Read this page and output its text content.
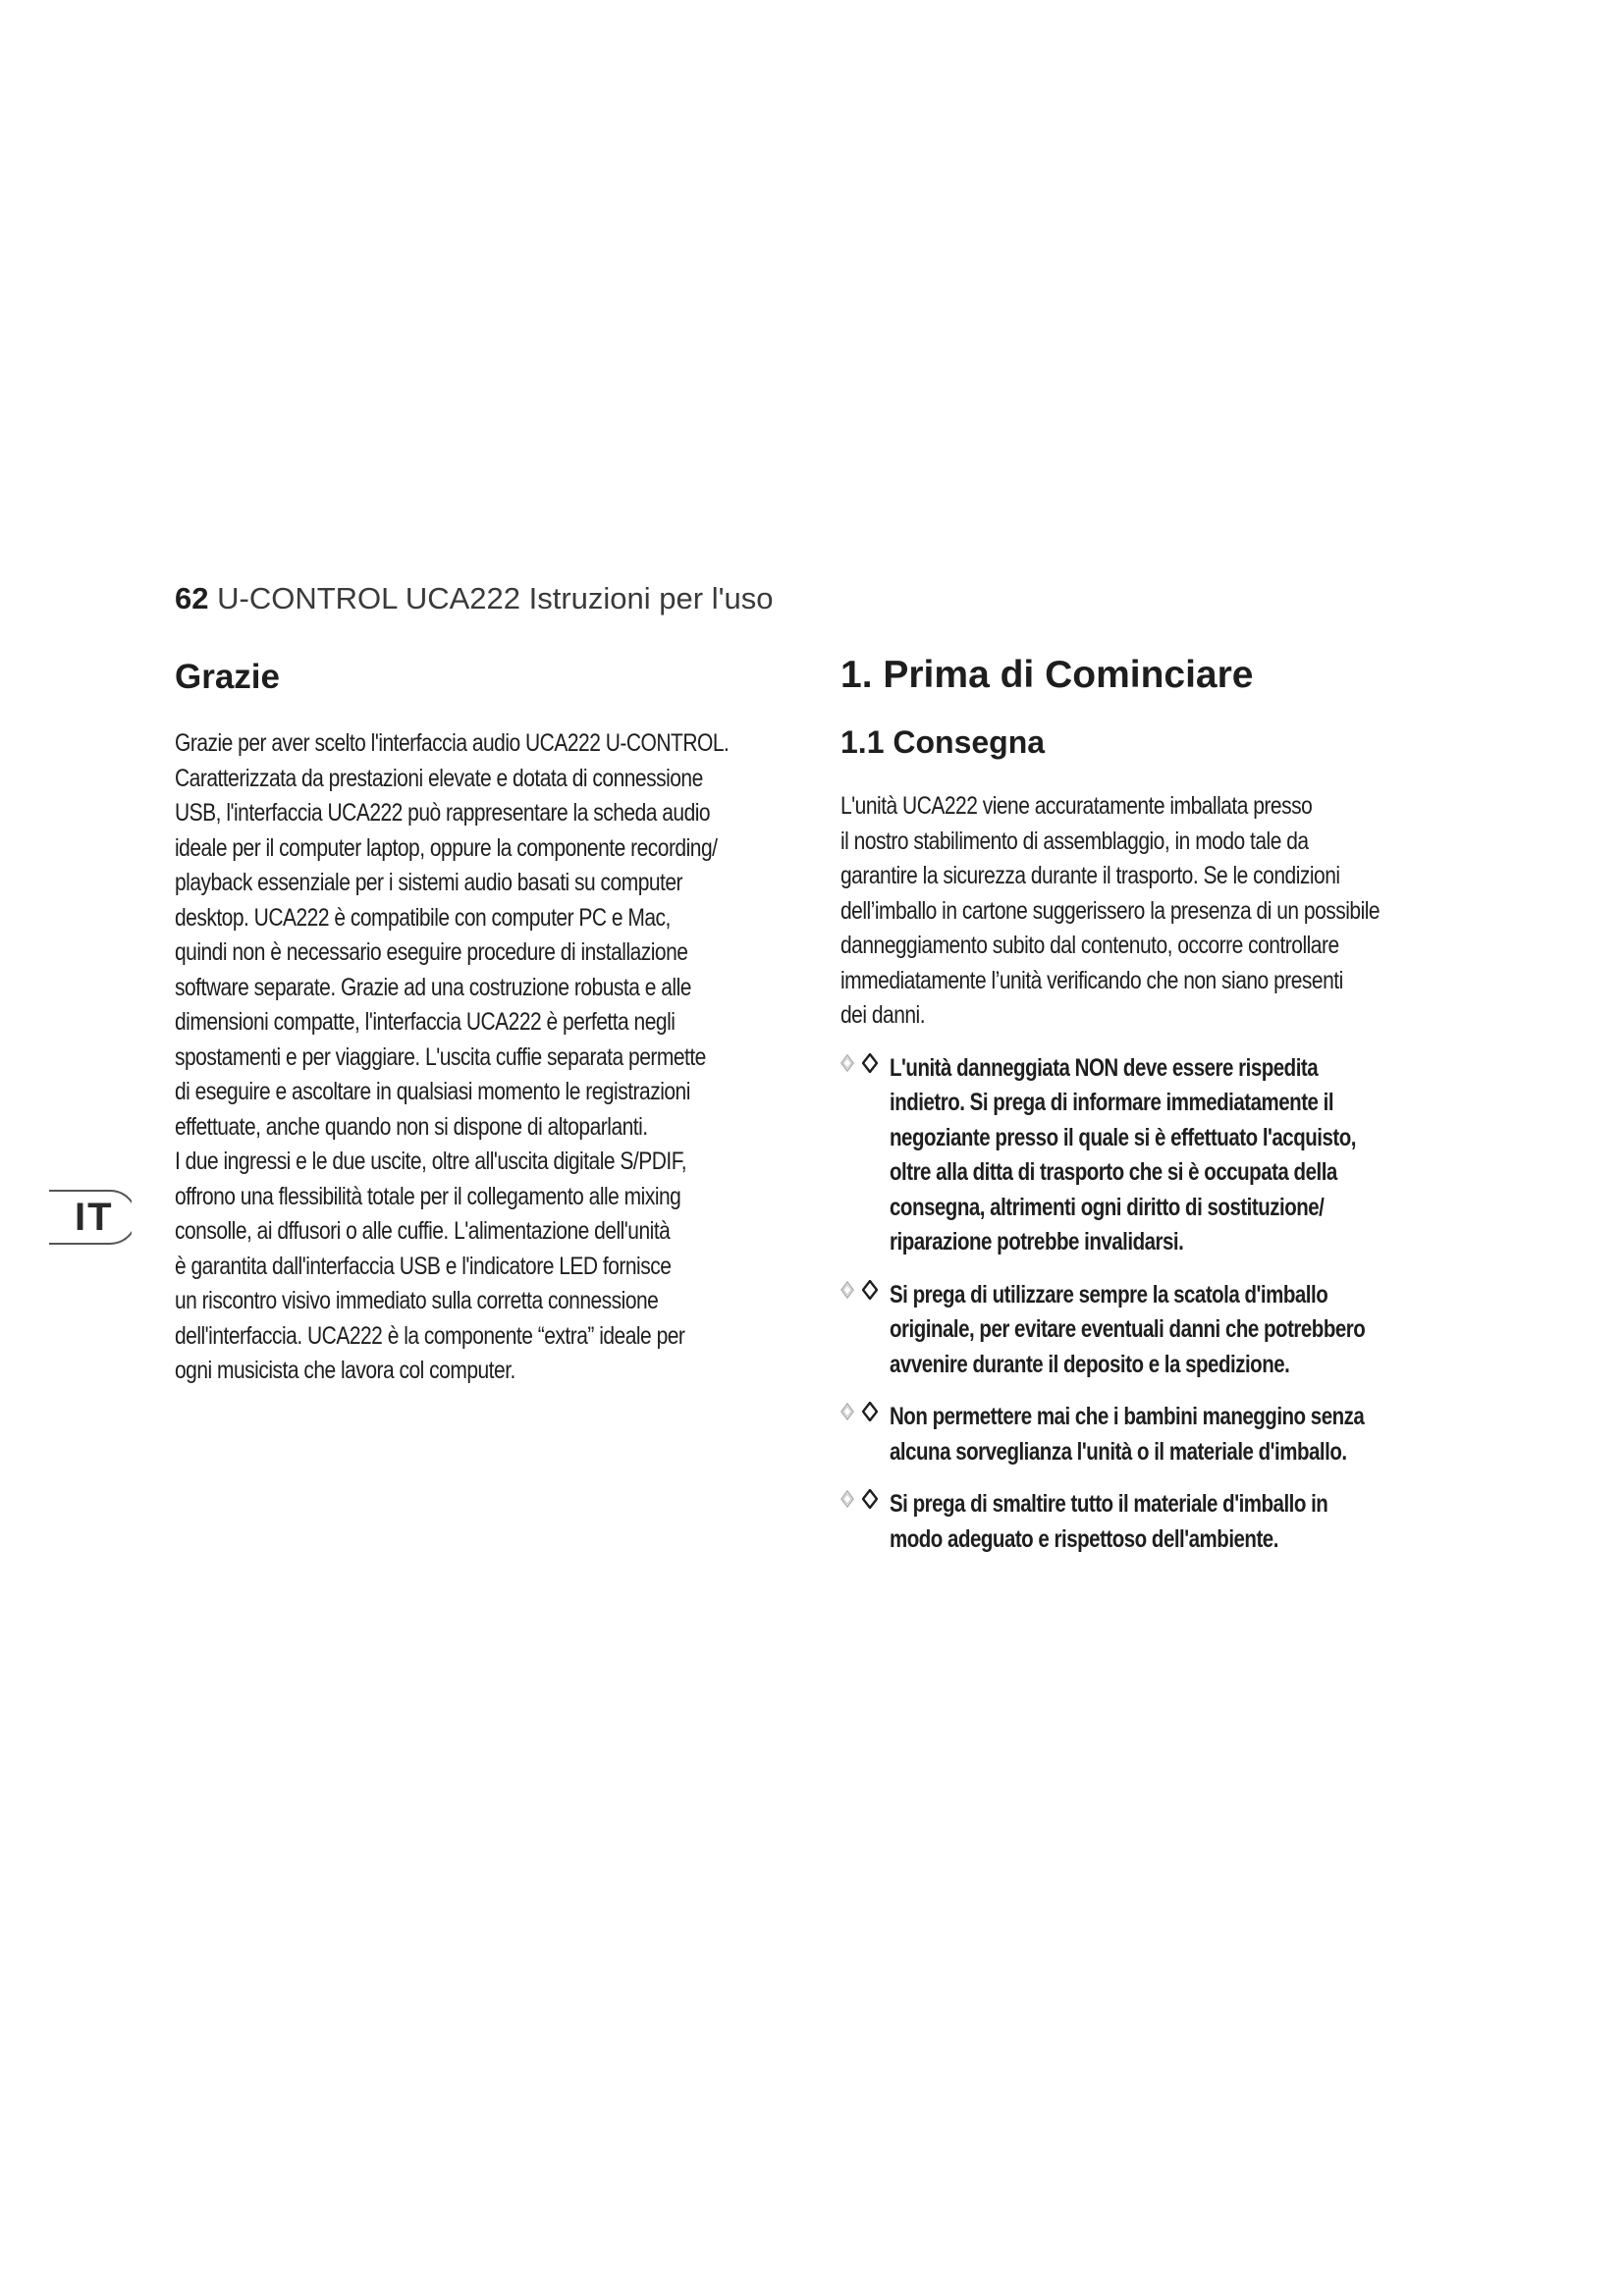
62 U-CONTROL UCA222 Istruzioni per l'uso
IT
Grazie
Grazie per aver scelto l'interfaccia audio UCA222 U-CONTROL.
Caratterizzata da prestazioni elevate e dotata di connessione
USB, l'interfaccia UCA222 può rappresentare la scheda audio
ideale per il computer laptop, oppure la componente recording/
playback essenziale per i sistemi audio basati su computer
desktop. UCA222 è compatibile con computer PC e Mac,
quindi non è necessario eseguire procedure di installazione
software separate. Grazie ad una costruzione robusta e alle
dimensioni compatte, l'interfaccia UCA222 è perfetta negli
spostamenti e per viaggiare. L'uscita cuffie separata permette
di eseguire e ascoltare in qualsiasi momento le registrazioni
effettuate, anche quando non si dispone di altoparlanti.
I due ingressi e le due uscite, oltre all'uscita digitale S/PDIF,
offrono una flessibilità totale per il collegamento alle mixing
consolle, ai dffusori o alle cuffie. L'alimentazione dell'unità
è garantita dall'interfaccia USB e l'indicatore LED fornisce
un riscontro visivo immediato sulla corretta connessione
dell'interfaccia. UCA222 è la componente “extra” ideale per
ogni musicista che lavora col computer.
1. Prima di Cominciare
1.1 Consegna
L'unità UCA222 viene accuratamente imballata presso
il nostro stabilimento di assemblaggio, in modo tale da
garantire la sicurezza durante il trasporto. Se le condizioni
dell’imballo in cartone suggerissero la presenza di un possibile
danneggiamento subito dal contenuto, occorre controllare
immediatamente l’unità verificando che non siano presenti
dei danni.
L'unità danneggiata NON deve essere rispedita
indietro. Si prega di informare immediatamente il
negoziante presso il quale si è effettuato l'acquisto,
oltre alla ditta di trasporto che si è occupata della
consegna, altrimenti ogni diritto di sostituzione/
riparazione potrebbe invalidarsi.
Si prega di utilizzare sempre la scatola d'imballo
originale, per evitare eventuali danni che potrebbero
avvenire durante il deposito e la spedizione.
Non permettere mai che i bambini maneggino senza
alcuna sorveglianza l'unità o il materiale d'imballo.
Si prega di smaltire tutto il materiale d'imballo in
modo adeguato e rispettoso dell'ambiente.
